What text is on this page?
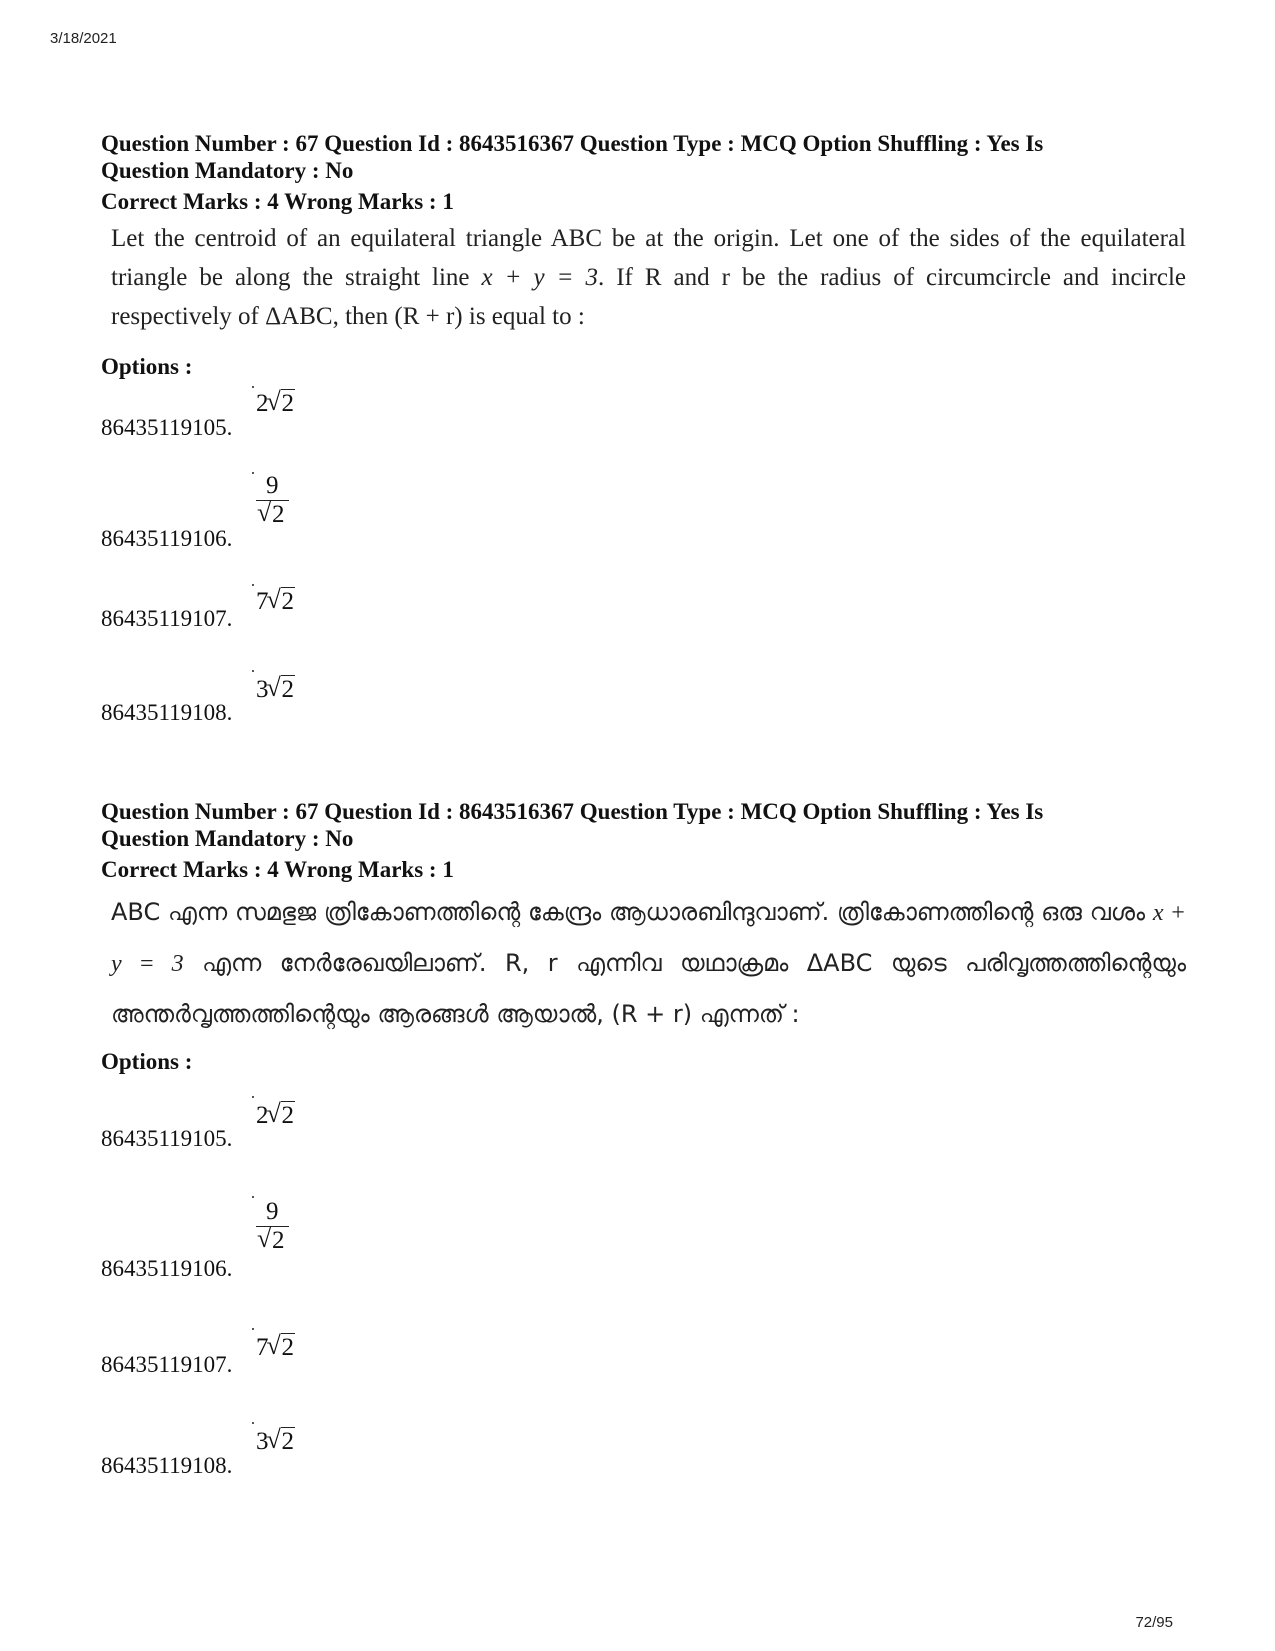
3/18/2021
Question Number : 67 Question Id : 8643516367 Question Type : MCQ Option Shuffling : Yes Is
Question Mandatory : No
Correct Marks : 4 Wrong Marks : 1
Let the centroid of an equilateral triangle ABC be at the origin. Let one of the sides of the equilateral triangle be along the straight line x + y = 3. If R and r be the radius of circumcircle and incircle respectively of ΔABC, then (R + r) is equal to :
Options :
2 √ 2
86435119105.
9
√ 2
86435119106.
7 √ 2
86435119107.
3 √ 2
86435119108.
Question Number : 67 Question Id : 8643516367 Question Type : MCQ Option Shuffling : Yes Is
Question Mandatory : No
Correct Marks : 4 Wrong Marks : 1
ABC എന്ന സമഭുജ ത്രികോണത്തിന്റെ കേന്ദ്രം ആധാരബിന്ദുവാണ്. ത്രികോണത്തിന്റെ ഒരു വശം x + y = 3 എന്ന നേർരേഖയിലാണ്. R, r എന്നിവ യഥാക്രമം ΔABC യുടെ പരിവൃത്തത്തിന്റെയും അന്തർവൃത്തത്തിന്റെയും ആരങ്ങൾ ആയാൽ, (R + r) എന്നത് :
Options :
2 √ 2
86435119105.
9
√ 2
86435119106.
7 √ 2
86435119107.
3 √ 2
86435119108.
72/95
